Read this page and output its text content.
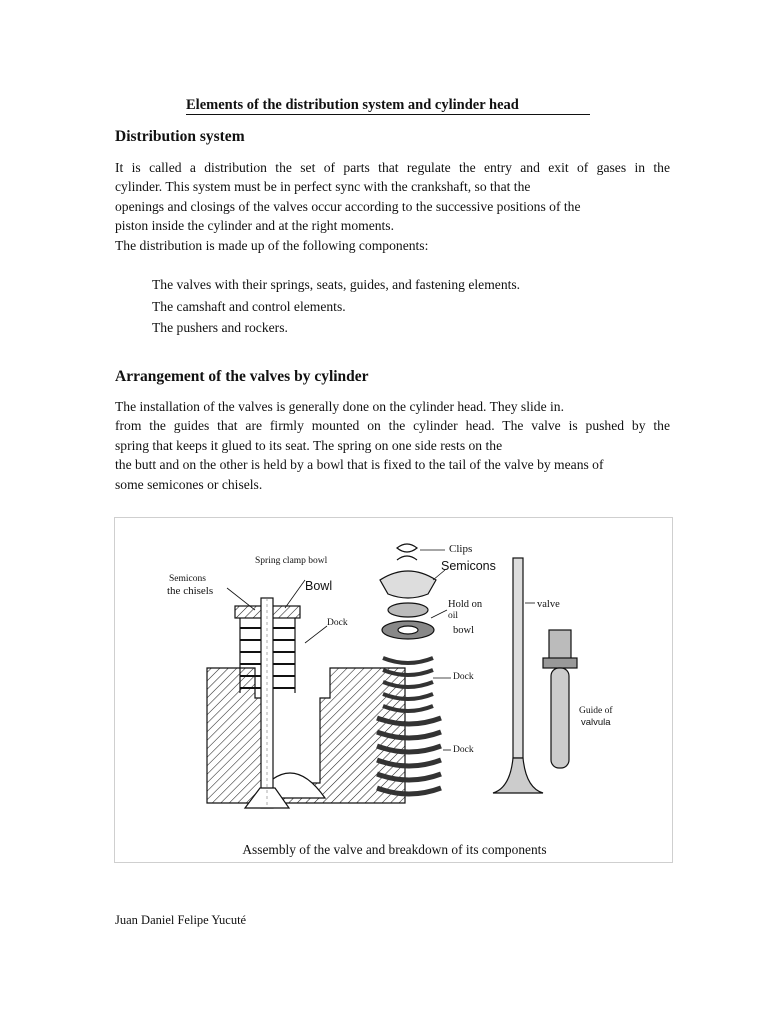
Elements of the distribution system and cylinder head
Distribution system
It is called a distribution the set of parts that regulate the entry and exit of gases in the
cylinder. This system must be in perfect sync with the crankshaft, so that the
openings and closings of the valves occur according to the successive positions of the
piston inside the cylinder and at the right moments.
The distribution is made up of the following components:
The valves with their springs, seats, guides, and fastening elements.
The camshaft and control elements.
The pushers and rockers.
Arrangement of the valves by cylinder
The installation of the valves is generally done on the cylinder head. They slide in.
from the guides that are firmly mounted on the cylinder head. The valve is pushed by the
spring that keeps it glued to its seat. The spring on one side rests on the
the butt and on the other is held by a bowl that is fixed to the tail of the valve by means of
some semicones or chisels.
Spring clamp bowl
Semicons
the chisels	Bowl
Dock
Clips
Semicons
Hold on
oil
bowl
valve
Dock
Dock
Guide of
valvula
Assembly of the valve and breakdown of its components
Juan Daniel Felipe Yucuté
